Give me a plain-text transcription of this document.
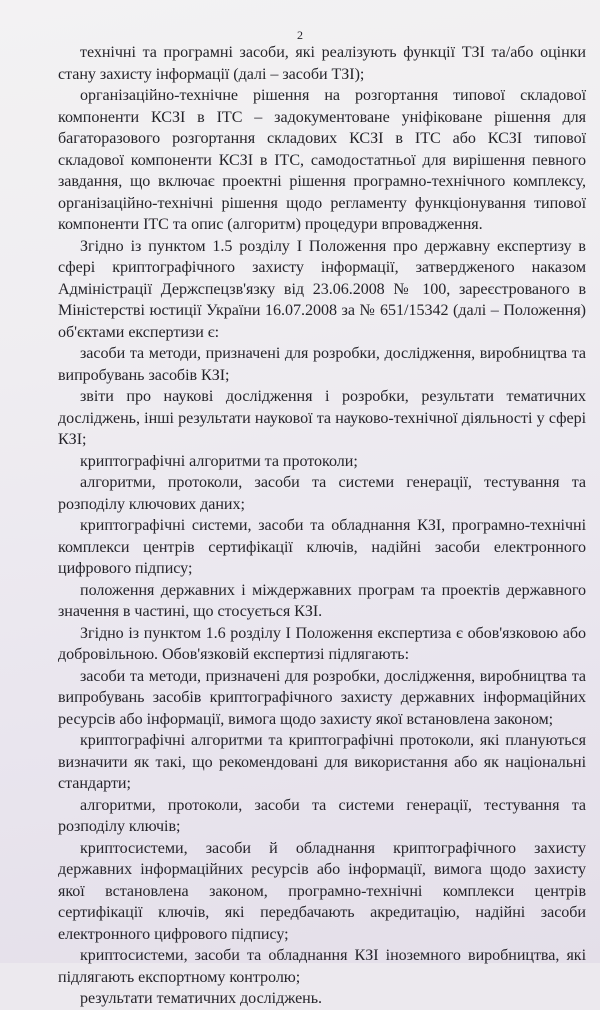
2

технічні та програмні засоби, які реалізують функції ТЗІ та/або оцінки стану захисту інформації (далі – засоби ТЗІ);

організаційно-технічне рішення на розгортання типової складової компоненти КСЗІ в ІТС – задокументоване уніфіковане рішення для багаторазового розгортання складових КСЗІ в ІТС або КСЗІ типової складової компоненти КСЗІ в ІТС, самодостатньої для вирішення певного завдання, що включає проектні рішення програмно-технічного комплексу, організаційно-технічні рішення щодо регламенту функціонування типової компоненти ІТС та опис (алгоритм) процедури впровадження.

Згідно із пунктом 1.5 розділу І Положення про державну експертизу в сфері криптографічного захисту інформації, затвердженого наказом Адміністрації Держспецзв'язку від 23.06.2008 № 100, зареєстрованого в Міністерстві юстиції України 16.07.2008 за № 651/15342 (далі – Положення) об'єктами експертизи є:

засоби та методи, призначені для розробки, дослідження, виробництва та випробувань засобів КЗІ;

звіти про наукові дослідження і розробки, результати тематичних досліджень, інші результати наукової та науково-технічної діяльності у сфері КЗІ;

криптографічні алгоритми та протоколи;

алгоритми, протоколи, засоби та системи генерації, тестування та розподілу ключових даних;

криптографічні системи, засоби та обладнання КЗІ, програмно-технічні комплекси центрів сертифікації ключів, надійні засоби електронного цифрового підпису;

положення державних і міждержавних програм та проектів державного значення в частині, що стосується КЗІ.

Згідно із пунктом 1.6 розділу І Положення експертиза є обов'язковою або добровільною. Обов'язковій експертизі підлягають:

засоби та методи, призначені для розробки, дослідження, виробництва та випробувань засобів криптографічного захисту державних інформаційних ресурсів або інформації, вимога щодо захисту якої встановлена законом;

криптографічні алгоритми та криптографічні протоколи, які плануються визначити як такі, що рекомендовані для використання або як національні стандарти;

алгоритми, протоколи, засоби та системи генерації, тестування та розподілу ключів;

криптосистеми, засоби й обладнання криптографічного захисту державних інформаційних ресурсів або інформації, вимога щодо захисту якої встановлена законом, програмно-технічні комплекси центрів сертифікації ключів, які передбачають акредитацію, надійні засоби електронного цифрового підпису;

криптосистеми, засоби та обладнання КЗІ іноземного виробництва, які підлягають експортному контролю;

результати тематичних досліджень.
